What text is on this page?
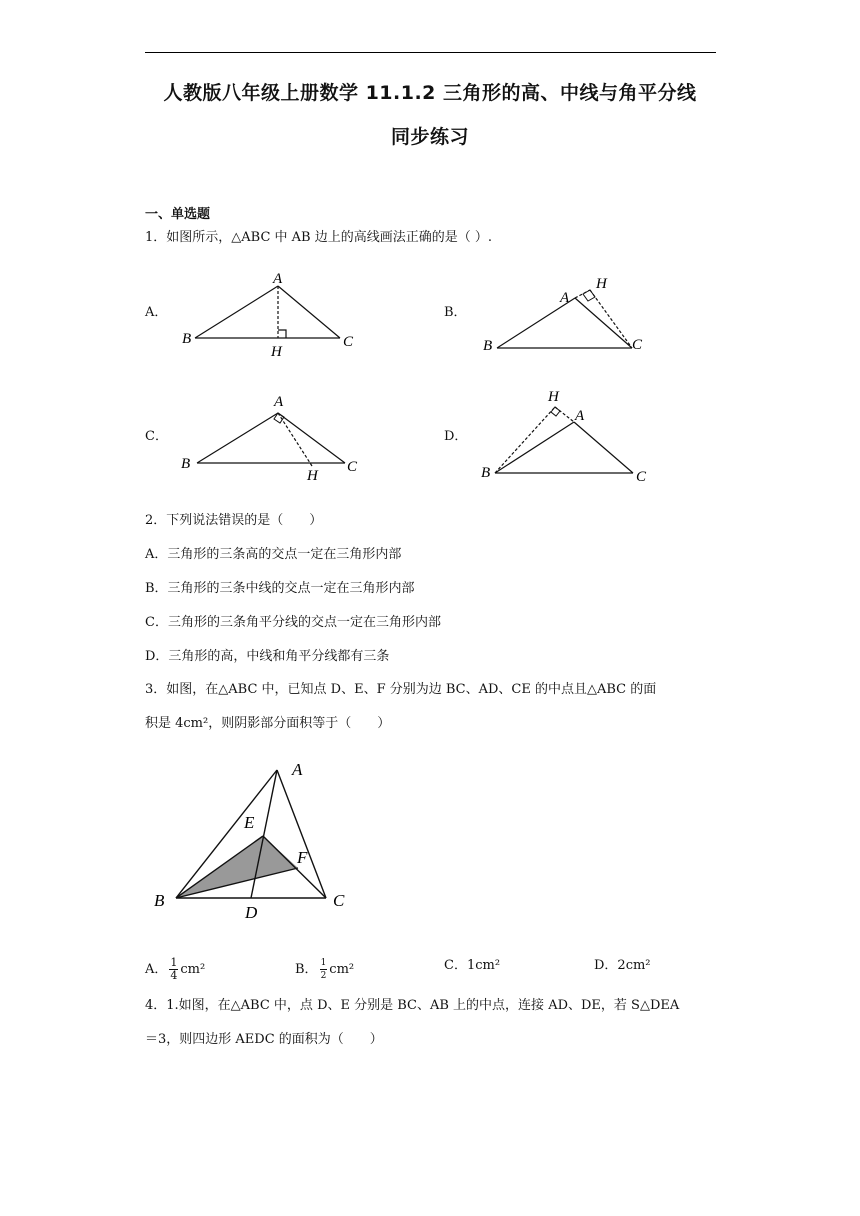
人教版八年级上册数学 11.1.2 三角形的高、中线与角平分线
同步练习
一、单选题
1．如图所示，△ABC 中 AB 边上的高线画法正确的是（ ）.
A．
A
B	C
H
B．
A
B	C
H
C．
A
B	C
H
D．
A
B	C
H
2．下列说法错误的是（　　）
A．三角形的三条高的交点一定在三角形内部
B．三角形的三条中线的交点一定在三角形内部
C．三角形的三条角平分线的交点一定在三角形内部
D．三角形的高，中线和角平分线都有三条
3．如图，在△ABC 中，已知点 D、E、F 分别为边 BC、AD、CE 的中点且△ABC 的面
积是 4cm²，则阴影部分面积等于（　　）
A
B	C
D
E
F
A． $\frac{1}{4} cm^2$	B． $\frac{1}{2} cm^2$	C．1cm²	D．2cm²
4．1.如图，在△ABC 中，点 D、E 分别是 BC、AB 上的中点，连接 AD、DE，若 S△DEA
＝3，则四边形 AEDC 的面积为（　　）
